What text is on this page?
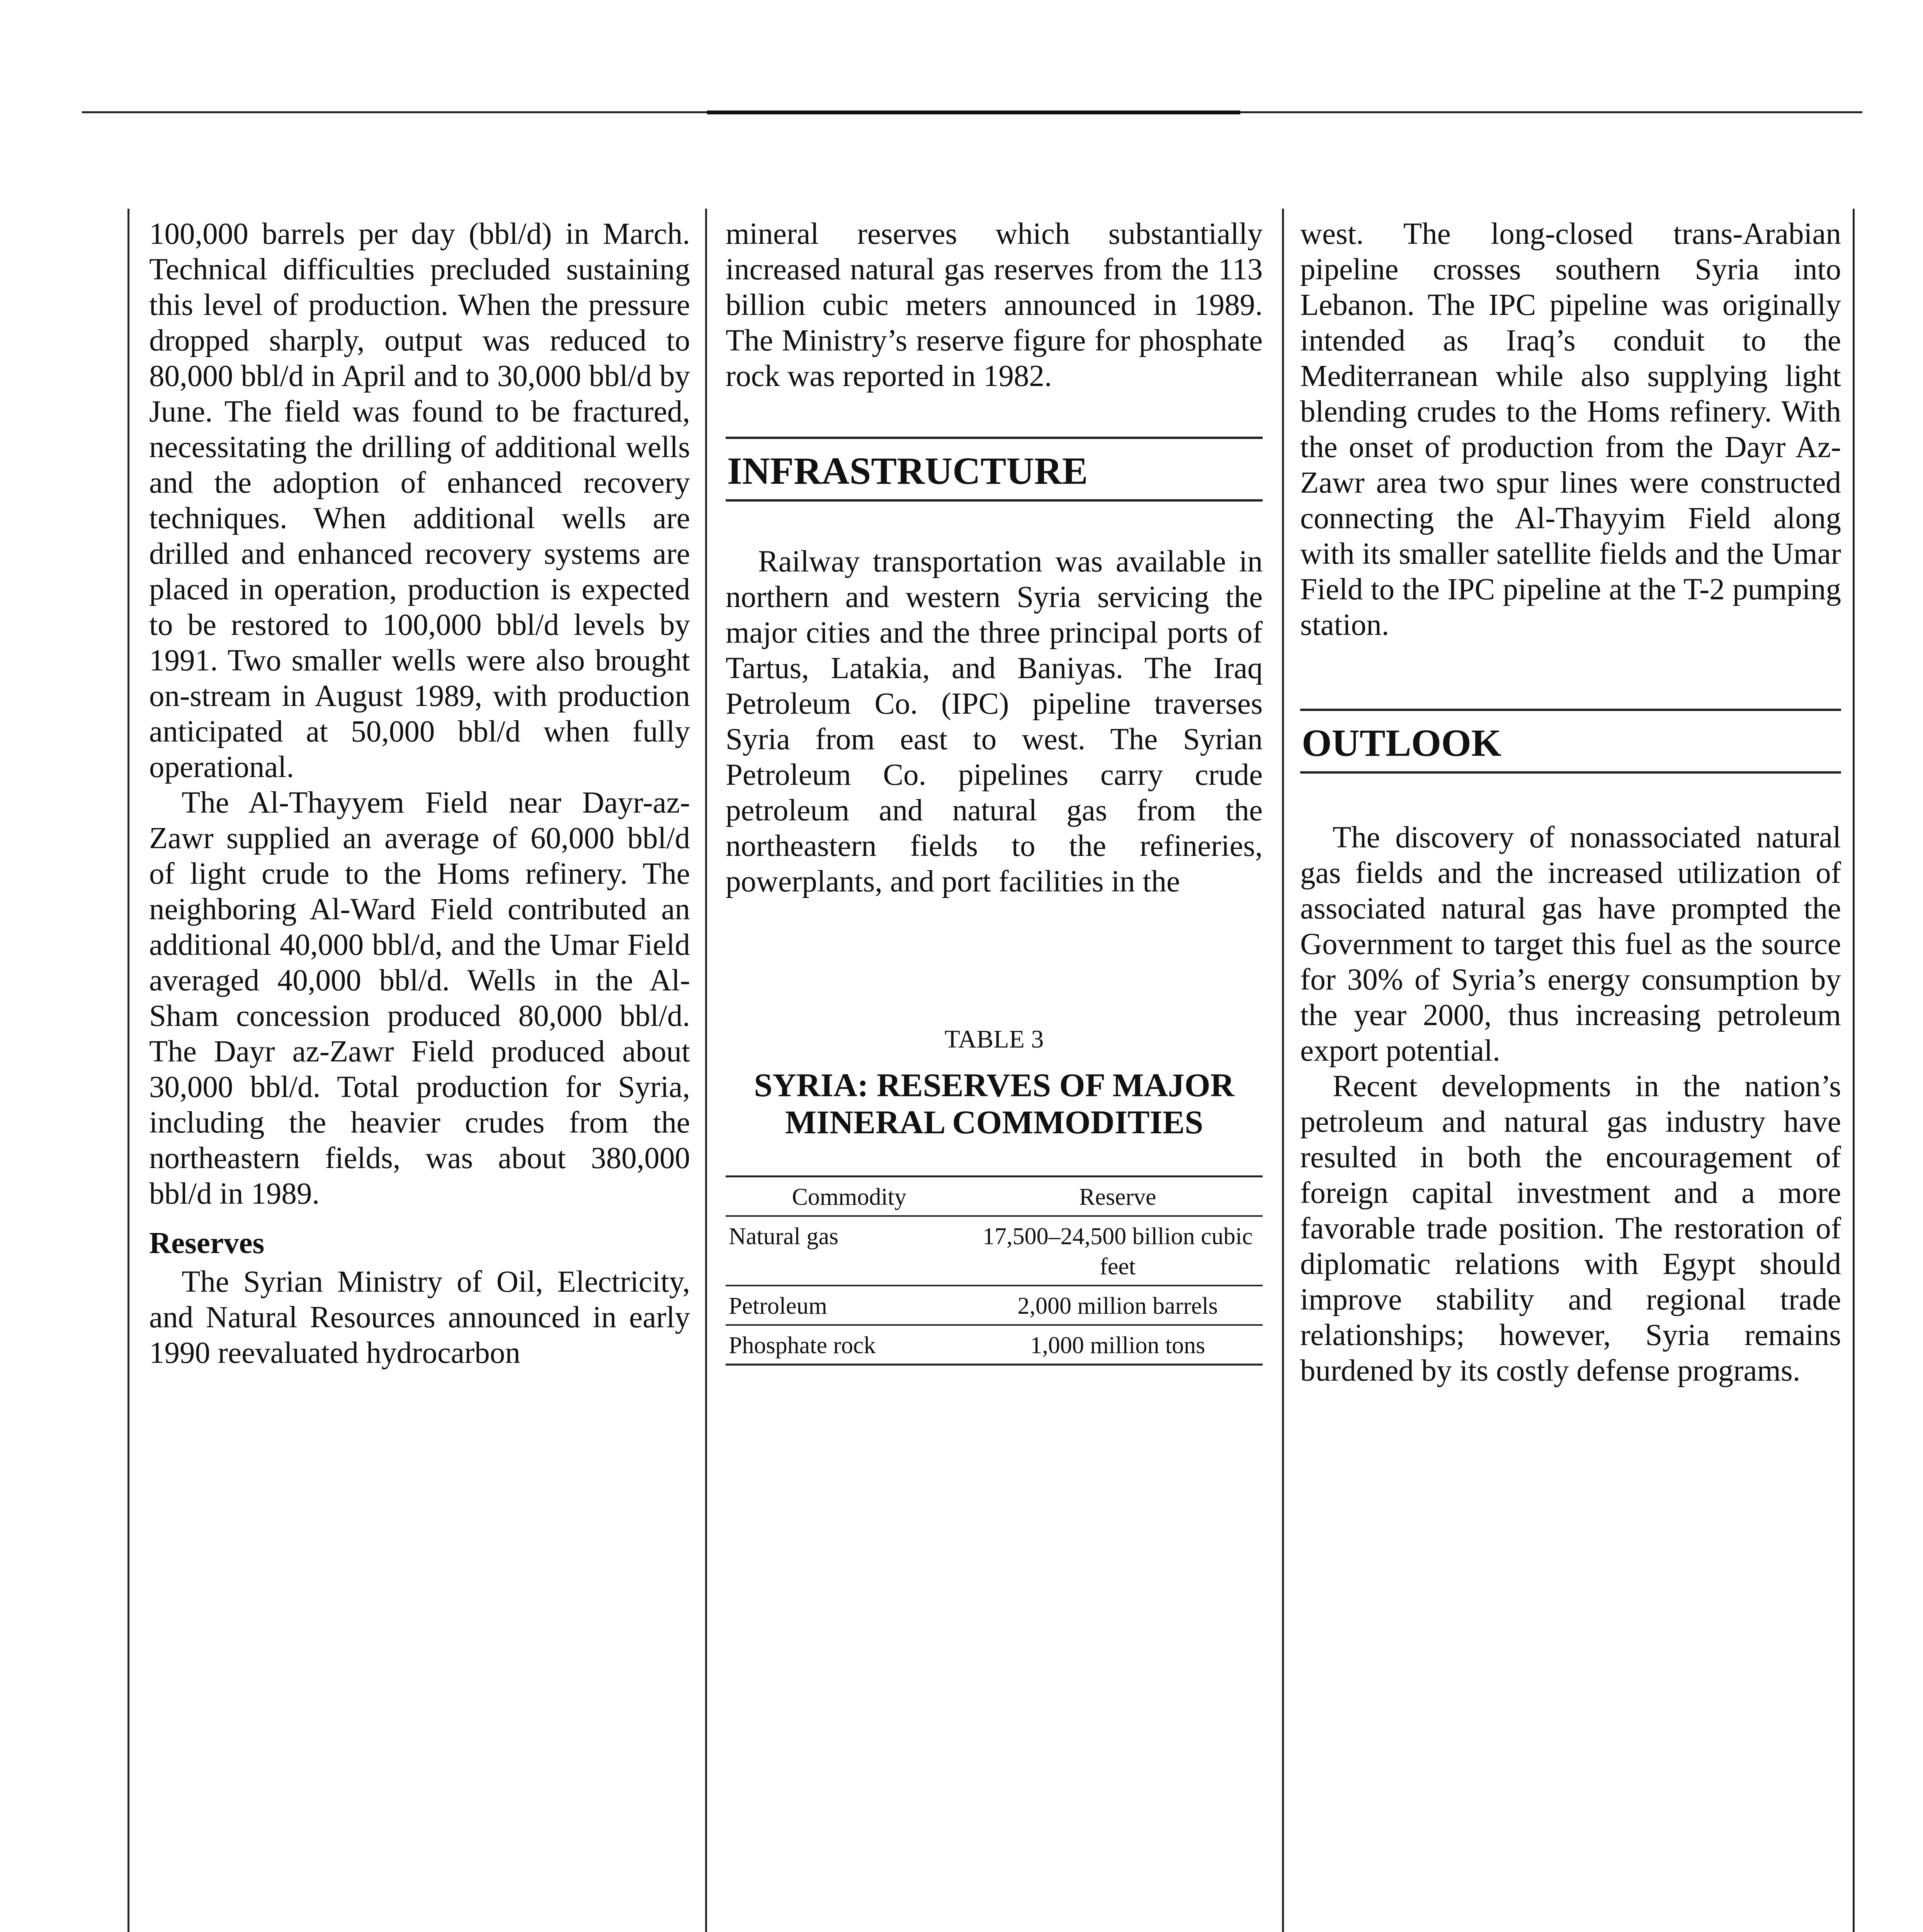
100,000 barrels per day (bbl/d) in March. Technical difficulties precluded sustaining this level of production. When the pressure dropped sharply, output was reduced to 80,000 bbl/d in April and to 30,000 bbl/d by June. The field was found to be fractured, necessitating the drilling of additional wells and the adoption of enhanced recovery techniques. When additional wells are drilled and enhanced recovery systems are placed in operation, production is expected to be restored to 100,000 bbl/d levels by 1991. Two smaller wells were also brought on-stream in August 1989, with production anticipated at 50,000 bbl/d when fully operational.

The Al-Thayyem Field near Dayr-az-Zawr supplied an average of 60,000 bbl/d of light crude to the Homs refinery. The neighboring Al-Ward Field contributed an additional 40,000 bbl/d, and the Umar Field averaged 40,000 bbl/d. Wells in the Al-Sham concession produced 80,000 bbl/d. The Dayr az-Zawr Field produced about 30,000 bbl/d. Total production for Syria, including the heavier crudes from the northeastern fields, was about 380,000 bbl/d in 1989.

Reserves

The Syrian Ministry of Oil, Electricity, and Natural Resources announced in early 1990 reevaluated hydrocarbon

mineral reserves which substantially increased natural gas reserves from the 113 billion cubic meters announced in 1989. The Ministry’s reserve figure for phosphate rock was reported in 1982.

INFRASTRUCTURE

Railway transportation was available in northern and western Syria servicing the major cities and the three principal ports of Tartus, Latakia, and Baniyas. The Iraq Petroleum Co. (IPC) pipeline traverses Syria from east to west. The Syrian Petroleum Co. pipelines carry crude petroleum and natural gas from the northeastern fields to the refineries, powerplants, and port facilities in the

TABLE 3
SYRIA: RESERVES OF MAJOR
MINERAL COMMODITIES
Commodity	Reserve
Natural gas	17,500–24,500 billion cubic feet
Petroleum	2,000 million barrels
Phosphate rock	1,000 million tons

west. The long-closed trans-Arabian pipeline crosses southern Syria into Lebanon. The IPC pipeline was originally intended as Iraq’s conduit to the Mediterranean while also supplying light blending crudes to the Homs refinery. With the onset of production from the Dayr Az-Zawr area two spur lines were constructed connecting the Al-Thayyim Field along with its smaller satellite fields and the Umar Field to the IPC pipeline at the T-2 pumping station.

OUTLOOK

The discovery of nonassociated natural gas fields and the increased utilization of associated natural gas have prompted the Government to target this fuel as the source for 30% of Syria’s energy consumption by the year 2000, thus increasing petroleum export potential.

Recent developments in the nation’s petroleum and natural gas industry have resulted in both the encouragement of foreign capital investment and a more favorable trade position. The restoration of diplomatic relations with Egypt should improve stability and regional trade relationships; however, Syria remains burdened by its costly defense programs.
